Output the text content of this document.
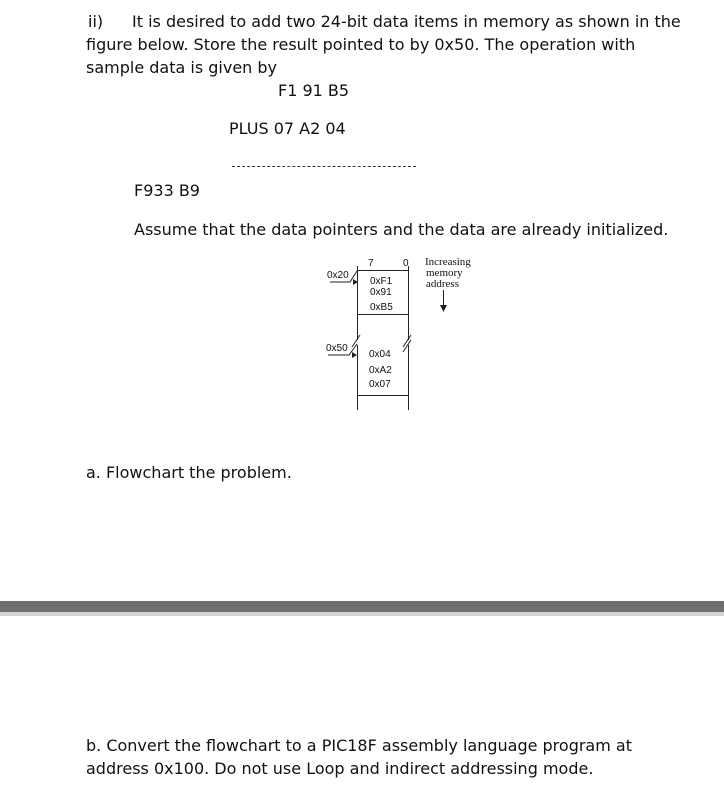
ii) It is desired to add two 24-bit data items in memory as shown in the
figure below. Store the result pointed to by 0x50. The operation with
sample data is given by
F1 91 B5
PLUS 07 A2 04
F933 B9
Assume that the data pointers and the data are already initialized.
7	0
0x20
0xF1
0x91
0xB5
0x50
0x04
0xA2
0x07
Increasing
memory
address
a. Flowchart the problem.
b. Convert the flowchart to a PIC18F assembly language program at
address 0x100. Do not use Loop and indirect addressing mode.
